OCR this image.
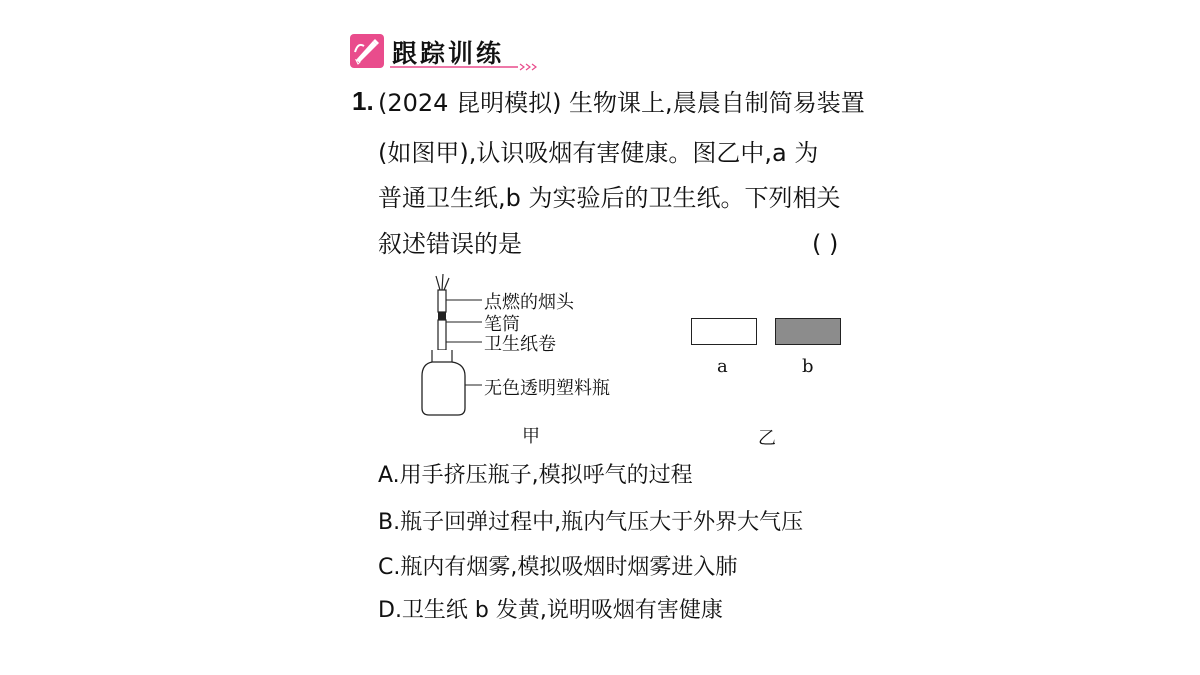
跟踪训练
1. (2024 昆明模拟) 生物课上,晨晨自制简易装置
(如图甲),认识吸烟有害健康。图乙中,a 为
普通卫生纸,b 为实验后的卫生纸。下列相关
叙述错误的是	( )
点燃的烟头
笔筒
卫生纸卷
无色透明塑料瓶
甲
a	b
乙
A.用手挤压瓶子,模拟呼气的过程
B.瓶子回弹过程中,瓶内气压大于外界大气压
C.瓶内有烟雾,模拟吸烟时烟雾进入肺
D.卫生纸 b 发黄,说明吸烟有害健康
